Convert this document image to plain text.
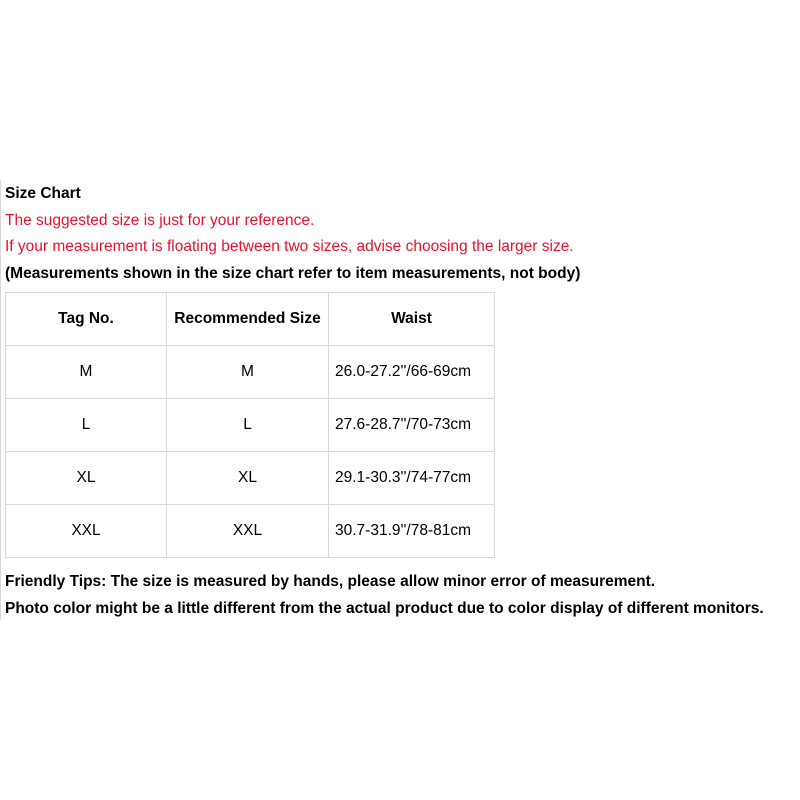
Size Chart
The suggested size is just for your reference.
If your measurement is floating between two sizes, advise choosing the larger size.
(Measurements shown in the size chart refer to item measurements, not body)
Tag No.	Recommended Size	Waist
M	M	26.0-27.2''/66-69cm
L	L	27.6-28.7''/70-73cm
XL	XL	29.1-30.3''/74-77cm
XXL	XXL	30.7-31.9''/78-81cm
Friendly Tips: The size is measured by hands, please allow minor error of measurement.
Photo color might be a little different from the actual product due to color display of different monitors.
